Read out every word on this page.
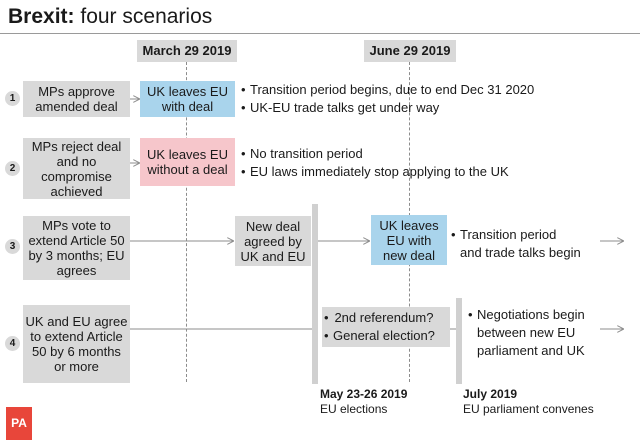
Brexit: four scenarios
March 29 2019	June 29 2019
1	MPs approve amended deal
UK leaves EU with deal
• Transition period begins, due to end Dec 31 2020
• UK-EU trade talks get under way
2
MPs reject deal and no compromise achieved
UK leaves EU without a deal
• No transition period
• EU laws immediately stop applying to the UK
3
MPs vote to extend Article 50 by 3 months; EU agrees
New deal agreed by UK and EU
UK leaves EU with new deal
• Transition period
and trade talks begin
4
UK and EU agree to extend Article 50 by 6 months or more
• 2nd referendum?
• General election?
• Negotiations begin
between new EU
parliament and UK
May 23-26 2019
EU elections
July 2019
EU parliament convenes
PA
